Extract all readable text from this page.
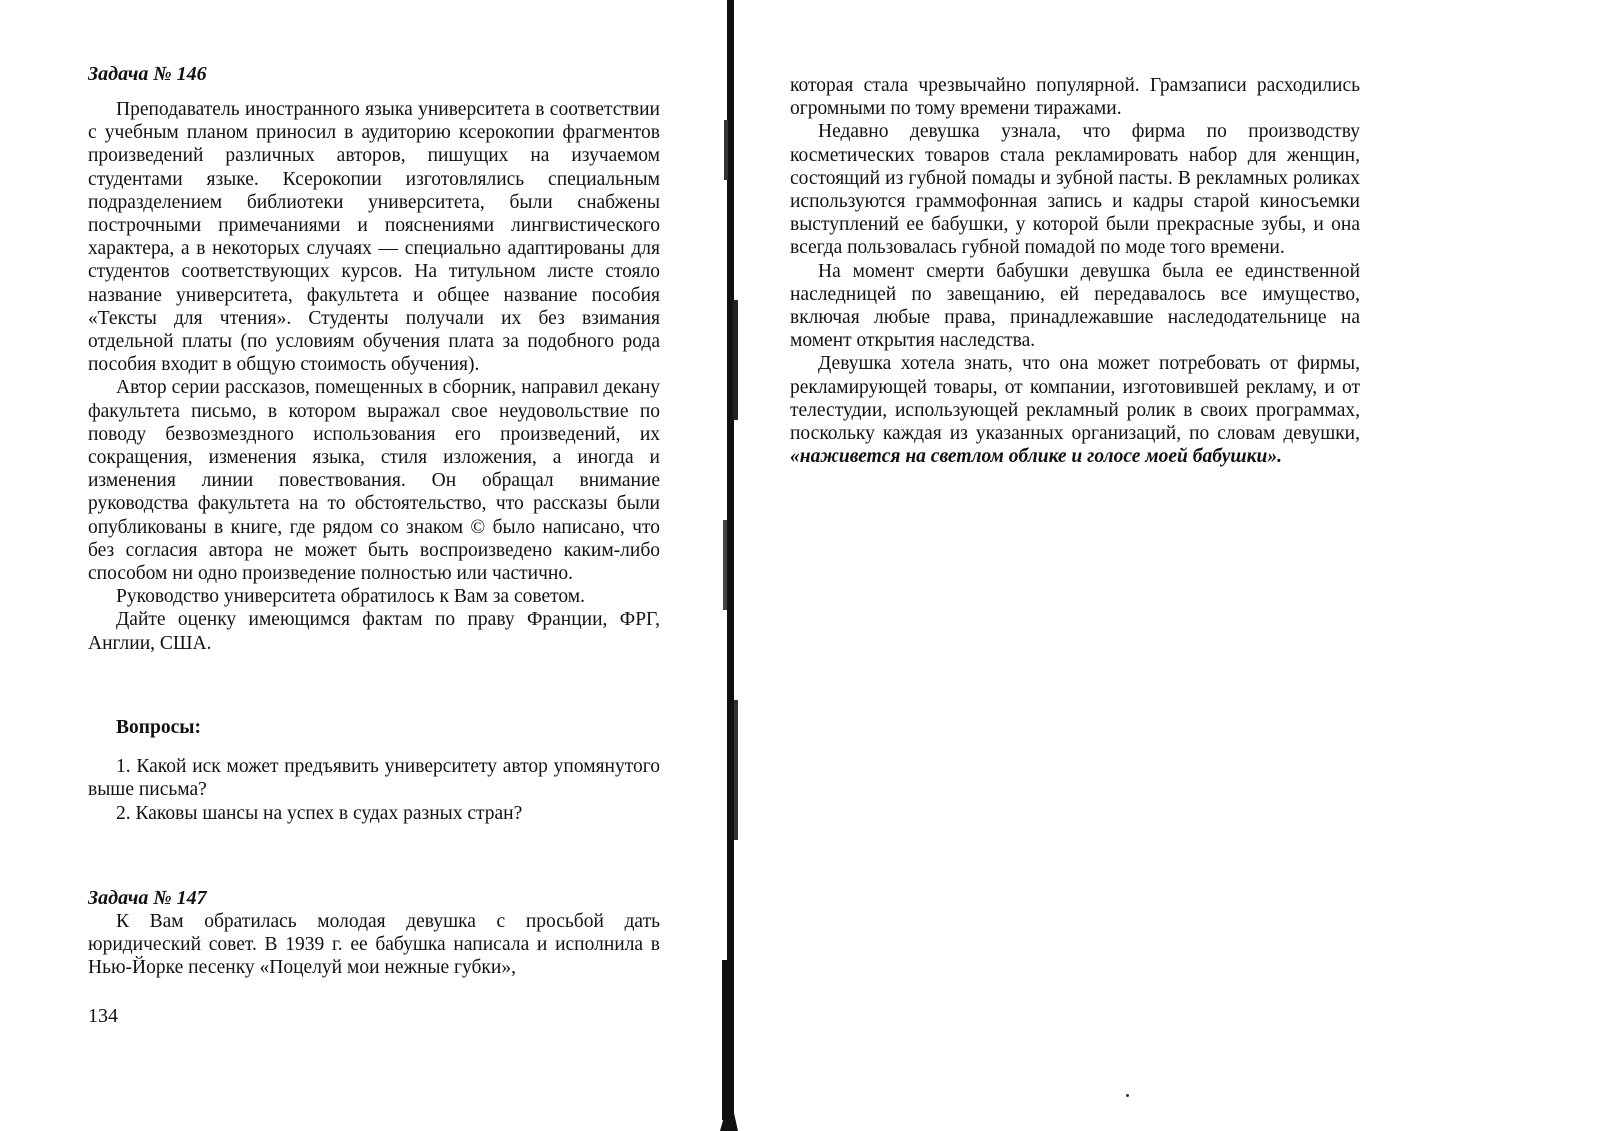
Задача № 146

Преподаватель иностранного языка университета в соответствии с учебным планом приносил в аудиторию ксерокопии фрагментов произведений различных авторов, пишущих на изучаемом студентами языке. Ксерокопии изготовлялись специальным подразделением библиотеки университета, были снабжены построчными примечаниями и пояснениями лингвистического характера, а в некоторых случаях — специально адаптированы для студентов соответствующих курсов. На титульном листе стояло название университета, факультета и общее название пособия «Тексты для чтения». Студенты получали их без взимания отдельной платы (по условиям обучения плата за подобного рода пособия входит в общую стоимость обучения).

Автор серии рассказов, помещенных в сборник, направил декану факультета письмо, в котором выражал свое неудовольствие по поводу безвозмездного использования его произведений, их сокращения, изменения языка, стиля изложения, а иногда и изменения линии повествования. Он обращал внимание руководства факультета на то обстоятельство, что рассказы были опубликованы в книге, где рядом со знаком © было написано, что без согласия автора не может быть воспроизведено каким-либо способом ни одно произведение полностью или частично.

Руководство университета обратилось к Вам за советом.

Дайте оценку имеющимся фактам по праву Франции, ФРГ, Англии, США.

Вопросы:
1. Какой иск может предъявить университету автор упомянутого выше письма?
2. Каковы шансы на успех в судах разных стран?
Задача № 147

К Вам обратилась молодая девушка с просьбой дать юридический совет. В 1939 г. ее бабушка написала и исполнила в Нью-Йорке песенку «Поцелуй мои нежные губки»,

134

которая стала чрезвычайно популярной. Грамзаписи расходились огромными по тому времени тиражами.

Недавно девушка узнала, что фирма по производству косметических товаров стала рекламировать набор для женщин, состоящий из губной помады и зубной пасты. В рекламных роликах используются граммофонная запись и кадры старой киносъемки выступлений ее бабушки, у которой были прекрасные зубы, и она всегда пользовалась губной помадой по моде того времени.

На момент смерти бабушки девушка была ее единственной наследницей по завещанию, ей передавалось все имущество, включая любые права, принадлежавшие наследодательнице на момент открытия наследства.

Девушка хотела знать, что она может потребовать от фирмы, рекламирующей товары, от компании, изготовившей рекламу, и от телестудии, использующей рекламный ролик в своих программах, поскольку каждая из указанных организаций, по словам девушки, «наживется на светлом облике и голосе моей бабушки».
